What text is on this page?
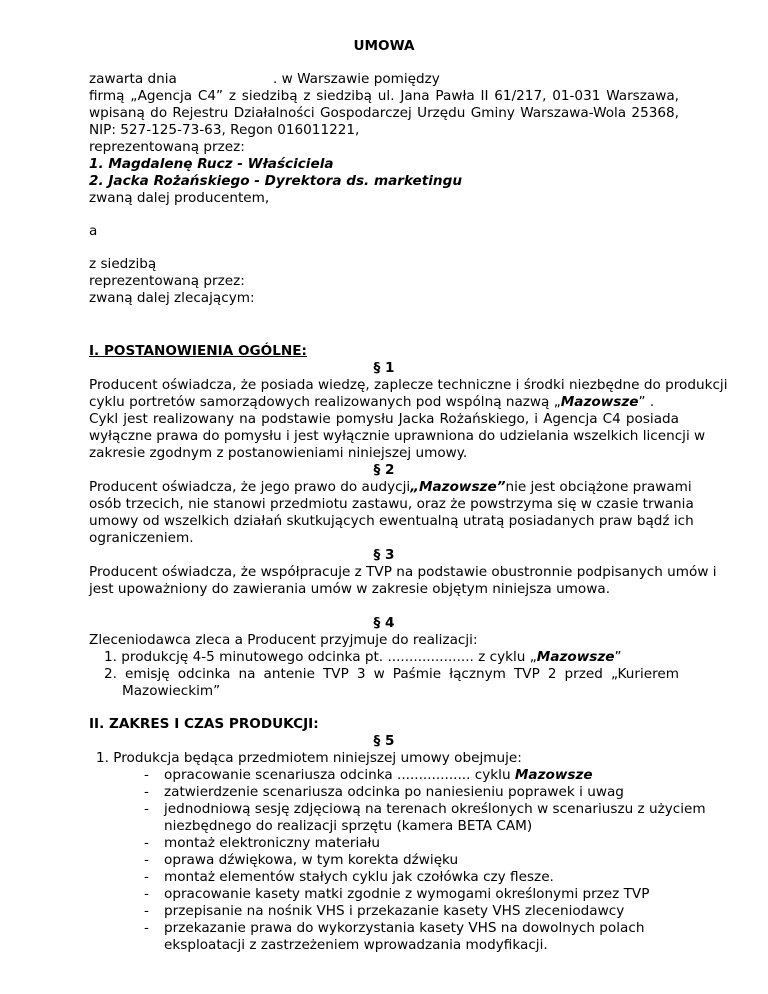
UMOWA
zawarta dnia	. w Warszawie pomiędzy
firmą „Agencja C4” z siedzibą z siedzibą ul. Jana Pawła II 61/217, 01-031 Warszawa,
wpisaną do Rejestru Działalności Gospodarczej Urzędu Gminy Warszawa-Wola 25368,
NIP: 527-125-73-63, Regon 016011221,
reprezentowaną przez:
1. Magdalenę Rucz - Właściciela
2. Jacka Rożańskiego - Dyrektora ds. marketingu
zwaną dalej producentem,
a
z siedzibą
reprezentowaną przez:
zwaną dalej zlecającym:
I. POSTANOWIENIA OGÓLNE:
§ 1
Producent oświadcza, że posiada wiedzę, zaplecze techniczne i środki niezbędne do produkcji
cyklu portretów samorządowych realizowanych pod wspólną nazwą „Mazowsze” .
Cykl jest realizowany na podstawie pomysłu Jacka Rożańskiego, i Agencja C4 posiada
wyłączne prawa do pomysłu i jest wyłącznie uprawniona do udzielania wszelkich licencji w
zakresie zgodnym z postanowieniami niniejszej umowy.
§ 2
Producent oświadcza, że jego prawo do audycji „Mazowsze” nie jest obciążone prawami
osób trzecich, nie stanowi przedmiotu zastawu, oraz że powstrzyma się w czasie trwania
umowy od wszelkich działań skutkujących ewentualną utratą posiadanych praw bądź ich
ograniczeniem.
§ 3
Producent oświadcza, że współpracuje z TVP na podstawie obustronnie podpisanych umów i
jest upoważniony do zawierania umów w zakresie objętym niniejsza umowa.
§ 4
Zleceniodawca zleca a Producent przyjmuje do realizacji:
1. produkcję 4-5 minutowego odcinka pt. .................... z cyklu „Mazowsze”
2. emisję odcinka na antenie TVP 3 w Paśmie łącznym TVP 2 przed „Kurierem
Mazowieckim”
II. ZAKRES I CZAS PRODUKCJI:
§ 5
1. Produkcja będąca przedmiotem niniejszej umowy obejmuje:
- opracowanie scenariusza odcinka ................. cyklu Mazowsze
- zatwierdzenie scenariusza odcinka po naniesieniu poprawek i uwag
- jednodniową sesję zdjęciową na terenach określonych w scenariuszu z użyciem
niezbędnego do realizacji sprzętu (kamera BETA CAM)
- montaż elektroniczny materiału
- oprawa dźwiękowa, w tym korekta dźwięku
- montaż elementów stałych cyklu jak czołówka czy flesze.
- opracowanie kasety matki zgodnie z wymogami określonymi przez TVP
- przepisanie na nośnik VHS i przekazanie kasety VHS zleceniodawcy
- przekazanie prawa do wykorzystania kasety VHS na dowolnych polach
eksploatacji z zastrzeżeniem wprowadzania modyfikacji.
